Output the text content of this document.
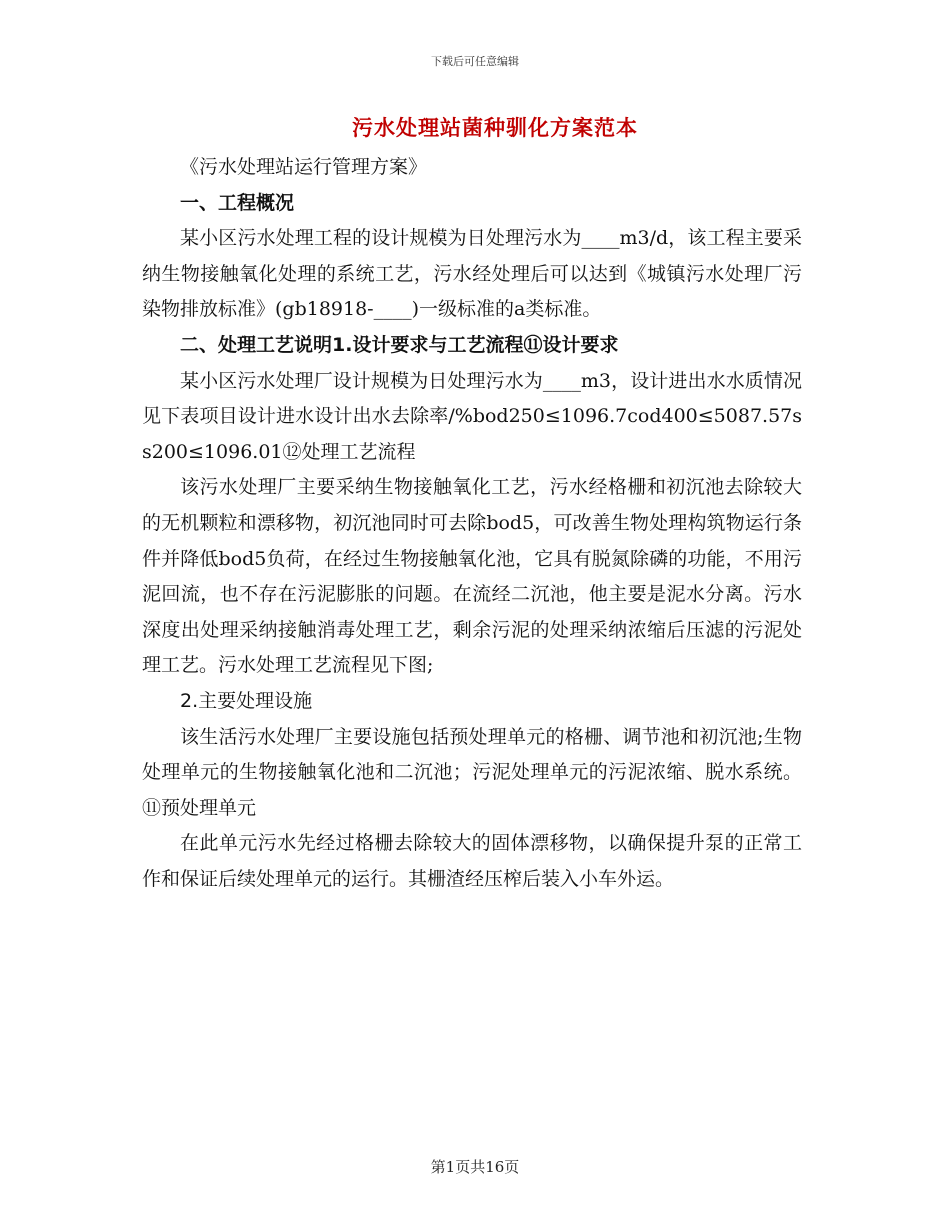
下载后可任意编辑
污水处理站菌种驯化方案范本

《污水处理站运行管理方案》

一、工程概况

某小区污水处理工程的设计规模为日处理污水为____m3/d，该工程主要采纳生物接触氧化处理的系统工艺，污水经处理后可以达到《城镇污水处理厂污染物排放标准》(gb18918-____)一级标准的a类标准。

二、处理工艺说明1.设计要求与工艺流程⑪设计要求

某小区污水处理厂设计规模为日处理污水为____m3，设计进出水水质情况见下表项目设计进水设计出水去除率/%bod250≤1096.7cod400≤5087.57ss200≤1096.01⑫处理工艺流程

该污水处理厂主要采纳生物接触氧化工艺，污水经格栅和初沉池去除较大的无机颗粒和漂移物，初沉池同时可去除bod5，可改善生物处理构筑物运行条件并降低bod5负荷，在经过生物接触氧化池，它具有脱氮除磷的功能，不用污泥回流，也不存在污泥膨胀的问题。在流经二沉池，他主要是泥水分离。污水深度出处理采纳接触消毒处理工艺，剩余污泥的处理采纳浓缩后压滤的污泥处理工艺。污水处理工艺流程见下图;

2.主要处理设施

该生活污水处理厂主要设施包括预处理单元的格栅、调节池和初沉池;生物处理单元的生物接触氧化池和二沉池；污泥处理单元的污泥浓缩、脱水系统。⑪预处理单元

在此单元污水先经过格栅去除较大的固体漂移物，以确保提升泵的正常工作和保证后续处理单元的运行。其栅渣经压榨后装入小车外运。

第1页共16页
